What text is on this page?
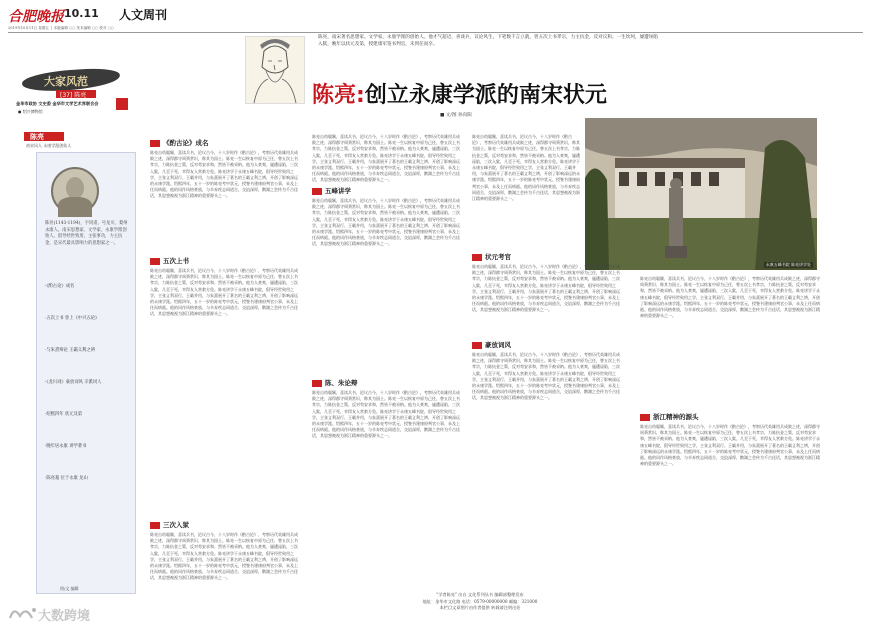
合肥晚报 10.11 人文周刊
2019年10月11日 星期五 │ 本版编辑 ○○ 美术编辑 ○○ 校对 ○○
大家风范
[37] 陈亮
金华市政协 文史委 金华市文学艺术界联合会
● 绍兴博物馆
陈亮
南宋词人 永康学派创始人
陈亮(1143-1194)，字同甫，号龙川，婺州永康人。南宋思想家、文学家，永康学派创始人。倡导经世致用，主张事功，力主抗金，是宋代最具影响力的思想家之一。
·《酌古论》成名
·五次上书 曾上《中兴五论》
·与朱熹辩论 王霸义利之辨
·《龙川词》豪放词风 辛派词人
·绍熙四年 状元及第
·晚年居永康 讲学著书
·陈亮墓 位于永康 龙山
图/文 编辑
陈亮，南宋著名思想家、文学家，永康学派的创始人。他才气超迈，喜谈兵，议论风生，下笔数千言立就，曾五次上书孝宗，力主抗金，反对议和。一生坎坷，屡遭诬陷入狱，晚年以状元及第，授建康军签书判官，未到任而卒。
陈亮:创立永康学派的南宋状元
■ 文/图 孙向阳
永康五峰书院 陈亮讲学处
《酌古论》成名
陈亮自幼聪颖，喜读兵书，论议古今，十八岁时作《酌古论》，考察历代英雄用兵成败之迹，深得郡守周葵赏识，称其为国士。陈亮一生以恢复中原为己任，曾五次上书孝宗，力陈抗金之策，反对苟安求和，然皆不被采纳。他为人豪爽，屡遭诬陷，三次入狱，几至于死，幸得友人营救方免。陈亮讲学于永康五峰书院，倡导经世致用之学，主张义利双行、王霸并用，与朱熹展开了著名的王霸义利之辨，开创了影响深远的永康学派。绍熙四年，五十一岁的陈亮考中状元，授签书建康府判官公事，未及上任而病逝。他的词作风格豪放，与辛弃疾志同道合，交谊深厚，鹅湖之会传为千古佳话，其思想被视为浙江精神的重要源头之一。
五次上书
陈亮自幼聪颖，喜读兵书，论议古今，十八岁时作《酌古论》，考察历代英雄用兵成败之迹，深得郡守周葵赏识，称其为国士。陈亮一生以恢复中原为己任，曾五次上书孝宗，力陈抗金之策，反对苟安求和，然皆不被采纳。他为人豪爽，屡遭诬陷，三次入狱，几至于死，幸得友人营救方免。陈亮讲学于永康五峰书院，倡导经世致用之学，主张义利双行、王霸并用，与朱熹展开了著名的王霸义利之辨，开创了影响深远的永康学派。绍熙四年，五十一岁的陈亮考中状元，授签书建康府判官公事，未及上任而病逝。他的词作风格豪放，与辛弃疾志同道合，交谊深厚，鹅湖之会传为千古佳话，其思想被视为浙江精神的重要源头之一。
三次入狱
陈亮自幼聪颖，喜读兵书，论议古今，十八岁时作《酌古论》，考察历代英雄用兵成败之迹，深得郡守周葵赏识，称其为国士。陈亮一生以恢复中原为己任，曾五次上书孝宗，力陈抗金之策，反对苟安求和，然皆不被采纳。他为人豪爽，屡遭诬陷，三次入狱，几至于死，幸得友人营救方免。陈亮讲学于永康五峰书院，倡导经世致用之学，主张义利双行、王霸并用，与朱熹展开了著名的王霸义利之辨，开创了影响深远的永康学派。绍熙四年，五十一岁的陈亮考中状元，授签书建康府判官公事，未及上任而病逝。他的词作风格豪放，与辛弃疾志同道合，交谊深厚，鹅湖之会传为千古佳话，其思想被视为浙江精神的重要源头之一。
陈亮自幼聪颖，喜读兵书，论议古今，十八岁时作《酌古论》，考察历代英雄用兵成败之迹，深得郡守周葵赏识，称其为国士。陈亮一生以恢复中原为己任，曾五次上书孝宗，力陈抗金之策，反对苟安求和，然皆不被采纳。他为人豪爽，屡遭诬陷，三次入狱，几至于死，幸得友人营救方免。陈亮讲学于永康五峰书院，倡导经世致用之学，主张义利双行、王霸并用，与朱熹展开了著名的王霸义利之辨，开创了影响深远的永康学派。绍熙四年，五十一岁的陈亮考中状元，授签书建康府判官公事，未及上任而病逝。他的词作风格豪放，与辛弃疾志同道合，交谊深厚，鹅湖之会传为千古佳话，其思想被视为浙江精神的重要源头之一。
五峰讲学
陈亮自幼聪颖，喜读兵书，论议古今，十八岁时作《酌古论》，考察历代英雄用兵成败之迹，深得郡守周葵赏识，称其为国士。陈亮一生以恢复中原为己任，曾五次上书孝宗，力陈抗金之策，反对苟安求和，然皆不被采纳。他为人豪爽，屡遭诬陷，三次入狱，几至于死，幸得友人营救方免。陈亮讲学于永康五峰书院，倡导经世致用之学，主张义利双行、王霸并用，与朱熹展开了著名的王霸义利之辨，开创了影响深远的永康学派。绍熙四年，五十一岁的陈亮考中状元，授签书建康府判官公事，未及上任而病逝。他的词作风格豪放，与辛弃疾志同道合，交谊深厚，鹅湖之会传为千古佳话，其思想被视为浙江精神的重要源头之一。
陈、朱论辩
陈亮自幼聪颖，喜读兵书，论议古今，十八岁时作《酌古论》，考察历代英雄用兵成败之迹，深得郡守周葵赏识，称其为国士。陈亮一生以恢复中原为己任，曾五次上书孝宗，力陈抗金之策，反对苟安求和，然皆不被采纳。他为人豪爽，屡遭诬陷，三次入狱，几至于死，幸得友人营救方免。陈亮讲学于永康五峰书院，倡导经世致用之学，主张义利双行、王霸并用，与朱熹展开了著名的王霸义利之辨，开创了影响深远的永康学派。绍熙四年，五十一岁的陈亮考中状元，授签书建康府判官公事，未及上任而病逝。他的词作风格豪放，与辛弃疾志同道合，交谊深厚，鹅湖之会传为千古佳话，其思想被视为浙江精神的重要源头之一。
陈亮自幼聪颖，喜读兵书，论议古今，十八岁时作《酌古论》，考察历代英雄用兵成败之迹，深得郡守周葵赏识，称其为国士。陈亮一生以恢复中原为己任，曾五次上书孝宗，力陈抗金之策，反对苟安求和，然皆不被采纳。他为人豪爽，屡遭诬陷，三次入狱，几至于死，幸得友人营救方免。陈亮讲学于永康五峰书院，倡导经世致用之学，主张义利双行、王霸并用，与朱熹展开了著名的王霸义利之辨，开创了影响深远的永康学派。绍熙四年，五十一岁的陈亮考中状元，授签书建康府判官公事，未及上任而病逝。他的词作风格豪放，与辛弃疾志同道合，交谊深厚，鹅湖之会传为千古佳话，其思想被视为浙江精神的重要源头之一。
状元考官
陈亮自幼聪颖，喜读兵书，论议古今，十八岁时作《酌古论》，考察历代英雄用兵成败之迹，深得郡守周葵赏识，称其为国士。陈亮一生以恢复中原为己任，曾五次上书孝宗，力陈抗金之策，反对苟安求和，然皆不被采纳。他为人豪爽，屡遭诬陷，三次入狱，几至于死，幸得友人营救方免。陈亮讲学于永康五峰书院，倡导经世致用之学，主张义利双行、王霸并用，与朱熹展开了著名的王霸义利之辨，开创了影响深远的永康学派。绍熙四年，五十一岁的陈亮考中状元，授签书建康府判官公事，未及上任而病逝。他的词作风格豪放，与辛弃疾志同道合，交谊深厚，鹅湖之会传为千古佳话，其思想被视为浙江精神的重要源头之一。
豪放词风
陈亮自幼聪颖，喜读兵书，论议古今，十八岁时作《酌古论》，考察历代英雄用兵成败之迹，深得郡守周葵赏识，称其为国士。陈亮一生以恢复中原为己任，曾五次上书孝宗，力陈抗金之策，反对苟安求和，然皆不被采纳。他为人豪爽，屡遭诬陷，三次入狱，几至于死，幸得友人营救方免。陈亮讲学于永康五峰书院，倡导经世致用之学，主张义利双行、王霸并用，与朱熹展开了著名的王霸义利之辨，开创了影响深远的永康学派。绍熙四年，五十一岁的陈亮考中状元，授签书建康府判官公事，未及上任而病逝。他的词作风格豪放，与辛弃疾志同道合，交谊深厚，鹅湖之会传为千古佳话，其思想被视为浙江精神的重要源头之一。
陈亮自幼聪颖，喜读兵书，论议古今，十八岁时作《酌古论》，考察历代英雄用兵成败之迹，深得郡守周葵赏识，称其为国士。陈亮一生以恢复中原为己任，曾五次上书孝宗，力陈抗金之策，反对苟安求和，然皆不被采纳。他为人豪爽，屡遭诬陷，三次入狱，几至于死，幸得友人营救方免。陈亮讲学于永康五峰书院，倡导经世致用之学，主张义利双行、王霸并用，与朱熹展开了著名的王霸义利之辨，开创了影响深远的永康学派。绍熙四年，五十一岁的陈亮考中状元，授签书建康府判官公事，未及上任而病逝。他的词作风格豪放，与辛弃疾志同道合，交谊深厚，鹅湖之会传为千古佳话，其思想被视为浙江精神的重要源头之一。
浙江精神的源头
陈亮自幼聪颖，喜读兵书，论议古今，十八岁时作《酌古论》，考察历代英雄用兵成败之迹，深得郡守周葵赏识，称其为国士。陈亮一生以恢复中原为己任，曾五次上书孝宗，力陈抗金之策，反对苟安求和，然皆不被采纳。他为人豪爽，屡遭诬陷，三次入狱，几至于死，幸得友人营救方免。陈亮讲学于永康五峰书院，倡导经世致用之学，主张义利双行、王霸并用，与朱熹展开了著名的王霸义利之辨，开创了影响深远的永康学派。绍熙四年，五十一岁的陈亮考中状元，授签书建康府判官公事，未及上任而病逝。他的词作风格豪放，与辛弃疾志同道合，交谊深厚，鹅湖之会传为千古佳话，其思想被视为浙江精神的重要源头之一。
"学者陈亮" 出自 文化系列丛书 编辑部整理发布
地址：金华市文化路 电话：0579-00000000 邮编：321000
本栏目文章图片由作者提供 转载请注明出处
大数跨境
